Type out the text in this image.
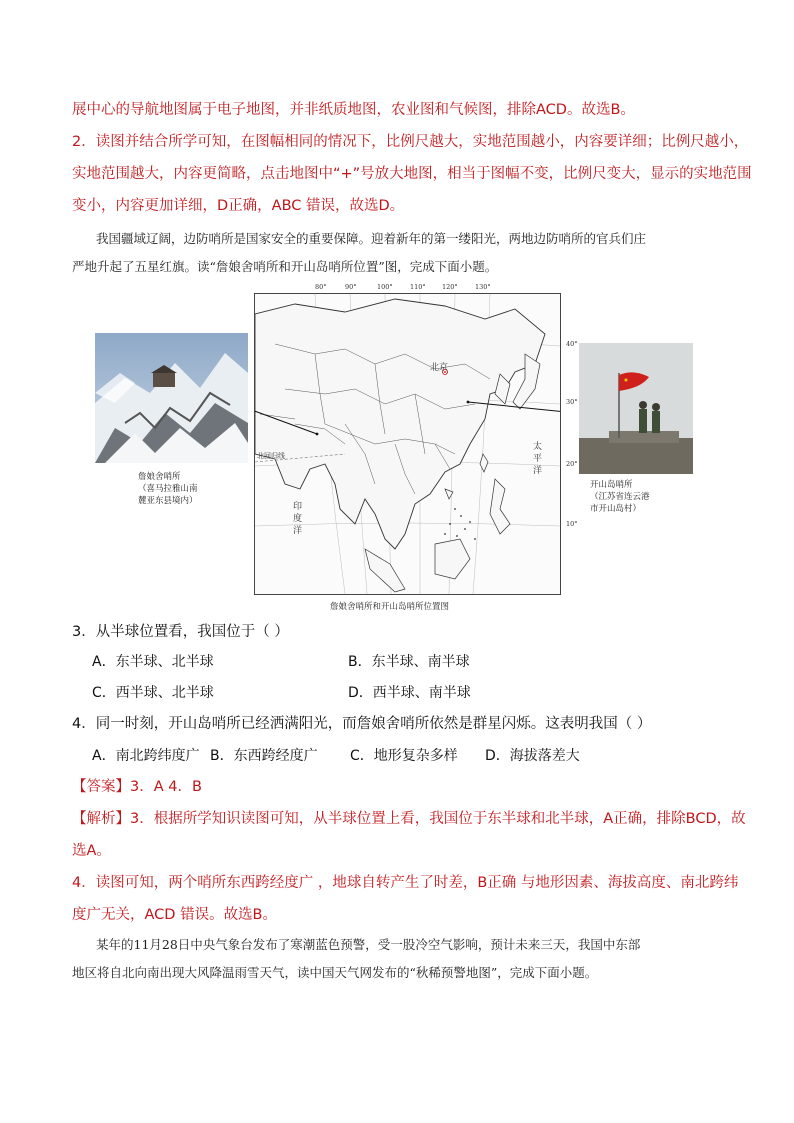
展中心的导航地图属于电子地图，并非纸质地图，农业图和气候图，排除ACD。故选B。
2．读图并结合所学可知，在图幅相同的情况下，比例尺越大，实地范围越小，内容要详细；比例尺越小，
实地范围越大，内容更简略，点击地图中“+”号放大地图，相当于图幅不变，比例尺变大，显示的实地范围
变小，内容更加详细，D正确，ABC 错误，故选D。
我国疆域辽阔，边防哨所是国家安全的重要保障。迎着新年的第一缕阳光，两地边防哨所的官兵们庄
严地升起了五星红旗。读“詹娘舍哨所和开山岛哨所位置”图，完成下面小题。
詹娘舍哨所
（喜马拉雅山南
麓亚东县境内）
80°	90°	100°	110°	120°	130°
40°
30°
20°
10°
北京
北回归线
太
平
洋
印
度
洋
开山岛哨所
（江苏省连云港
市开山岛村）
詹娘舍哨所和开山岛哨所位置图
3．从半球位置看，我国位于（ ）
A．东半球、北半球	B．东半球、南半球
C．西半球、北半球	D．西半球、南半球
4．同一时刻，开山岛哨所已经洒满阳光，而詹娘舍哨所依然是群星闪烁。这表明我国（ ）
A．南北跨纬度广 B．东西跨经度广 C．地形复杂多样 D．海拔落差大
【答案】3．A 4．B
【解析】3．根据所学知识读图可知，从半球位置上看，我国位于东半球和北半球，A正确，排除BCD，故
选A。
4．读图可知，两个哨所东西跨经度广 ，地球自转产生了时差，B正确 与地形因素、海拔高度、南北跨纬
度广无关，ACD 错误。故选B。
某年的11月28日中央气象台发布了寒潮蓝色预警，受一股冷空气影响，预计未来三天，我国中东部
地区将自北向南出现大风降温雨雪天气，读中国天气网发布的“秋稀预警地图”，完成下面小题。
